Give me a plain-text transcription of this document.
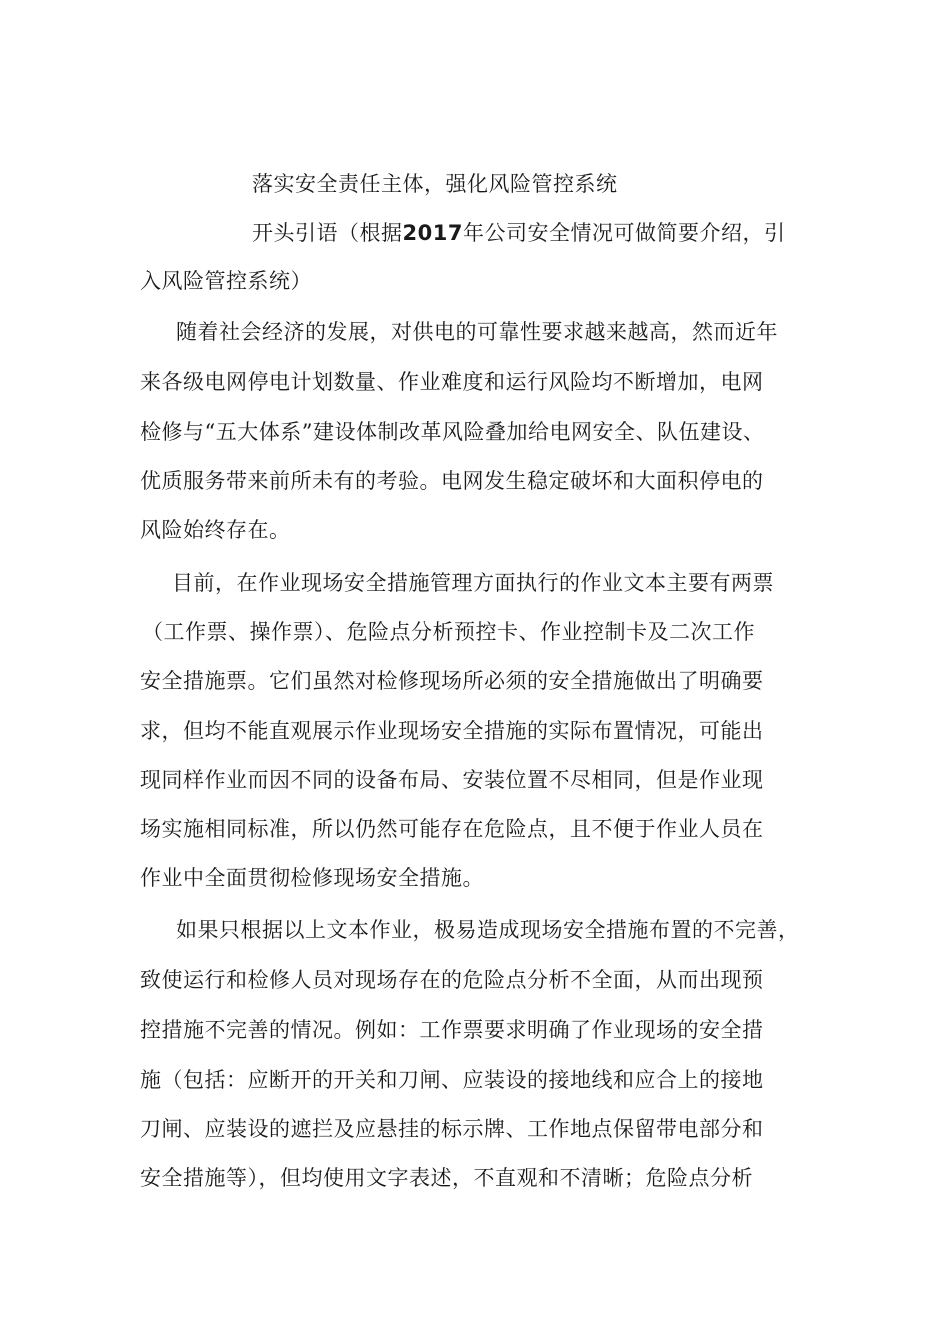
落实安全责任主体，强化风险管控系统
开头引语（根据2017年公司安全情况可做简要介绍，引
入风险管控系统）
随着社会经济的发展，对供电的可靠性要求越来越高，然而近年
来各级电网停电计划数量、作业难度和运行风险均不断增加，电网
检修与“五大体系”建设体制改革风险叠加给电网安全、队伍建设、
优质服务带来前所未有的考验。电网发生稳定破坏和大面积停电的
风险始终存在。
目前，在作业现场安全措施管理方面执行的作业文本主要有两票
（工作票、操作票）、危险点分析预控卡、作业控制卡及二次工作
安全措施票。它们虽然对检修现场所必须的安全措施做出了明确要
求，但均不能直观展示作业现场安全措施的实际布置情况，可能出
现同样作业而因不同的设备布局、安装位置不尽相同，但是作业现
场实施相同标准，所以仍然可能存在危险点，且不便于作业人员在
作业中全面贯彻检修现场安全措施。
如果只根据以上文本作业，极易造成现场安全措施布置的不完善，
致使运行和检修人员对现场存在的危险点分析不全面，从而出现预
控措施不完善的情况。例如：工作票要求明确了作业现场的安全措
施（包括：应断开的开关和刀闸、应装设的接地线和应合上的接地
刀闸、应装设的遮拦及应悬挂的标示牌、工作地点保留带电部分和
安全措施等），但均使用文字表述，不直观和不清晰；危险点分析
